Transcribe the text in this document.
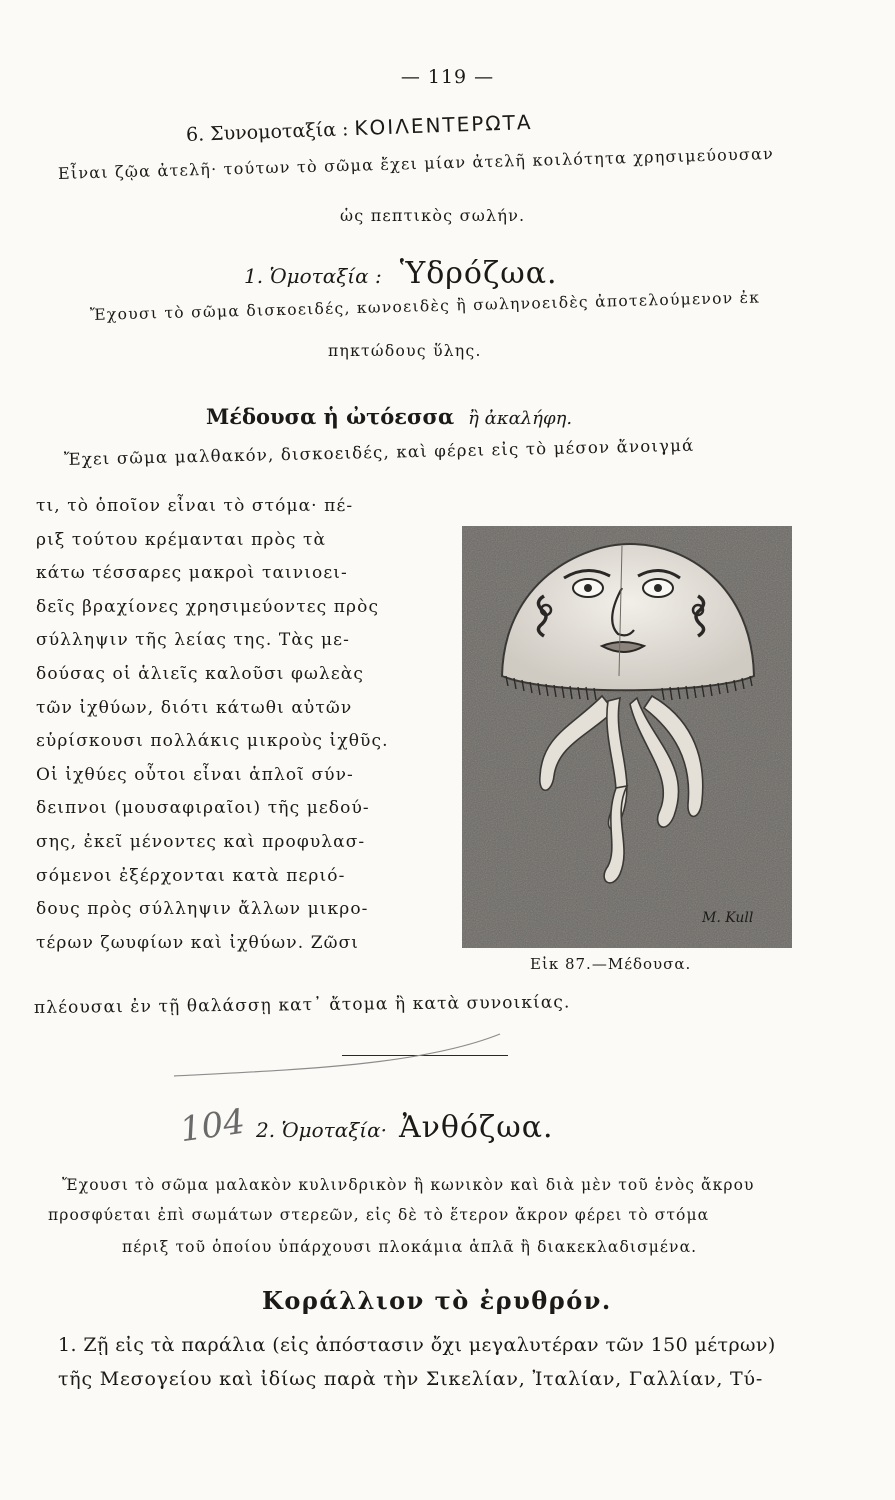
— 119 —
6. Συνομοταξία : ΚΟΙΛΕΝΤΕΡΩΤΑ
Εἶναι ζῷα ἀτελῆ· τούτων τὸ σῶμα ἔχει μίαν ἀτελῆ κοιλότητα χρησιμεύουσαν
ὡς πεπτικὸς σωλήν.
1. Ὁμοταξία : Ὑδρόζωα.
Ἔχουσι τὸ σῶμα δισκοειδές, κωνοειδὲς ἢ σωληνοειδὲς ἀποτελούμενον ἐκ
πηκτώδους ὕλης.
Μέδουσα ἡ ὠτόεσσα ἢ ἀκαλήφη.
Ἔχει σῶμα μαλθακόν, δισκοειδές, καὶ φέρει εἰς τὸ μέσον ἄνοιγμά
τι, τὸ ὁποῖον εἶναι τὸ στόμα· πέ-
ριξ τούτου κρέμανται πρὸς τὰ
κάτω τέσσαρες μακροὶ ταινιοει-
δεῖς βραχίονες χρησιμεύοντες πρὸς
σύλληψιν τῆς λείας της. Τὰς με-
δούσας οἱ ἁλιεῖς καλοῦσι φωλεὰς
τῶν ἰχθύων, διότι κάτωθι αὐτῶν
εὑρίσκουσι πολλάκις μικροὺς ἰχθῦς.
Οἱ ἰχθύες οὗτοι εἶναι ἁπλοῖ σύν-
δειπνοι (μουσαφιραῖοι) τῆς μεδού-
σης, ἐκεῖ μένοντες καὶ προφυλασ-
σόμενοι ἐξέρχονται κατὰ περιό-
δους πρὸς σύλληψιν ἄλλων μικρο-
τέρων ζωυφίων καὶ ἰχθύων. Ζῶσι
πλέουσαι ἐν τῇ θαλάσσῃ κατ᾽ ἄτομα ἢ κατὰ συνοικίας.
M. Kull
Εἰκ 87.—Μέδουσα.
104 2. Ὁμοταξία· Ἀνθόζωα.
Ἔχουσι τὸ σῶμα μαλακὸν κυλινδρικὸν ἢ κωνικὸν καὶ διὰ μὲν τοῦ ἑνὸς ἄκρου
προσφύεται ἐπὶ σωμάτων στερεῶν, εἰς δὲ τὸ ἕτερον ἄκρον φέρει τὸ στόμα
πέριξ τοῦ ὁποίου ὑπάρχουσι πλοκάμια ἁπλᾶ ἢ διακεκλαδισμένα.
Κοράλλιον τὸ ἐρυθρόν.
1. Ζῇ εἰς τὰ παράλια (εἰς ἀπόστασιν ὄχι μεγαλυτέραν τῶν 150 μέτρων)
τῆς Μεσογείου καὶ ἰδίως παρὰ τὴν Σικελίαν, Ἰταλίαν, Γαλλίαν, Τύ-
